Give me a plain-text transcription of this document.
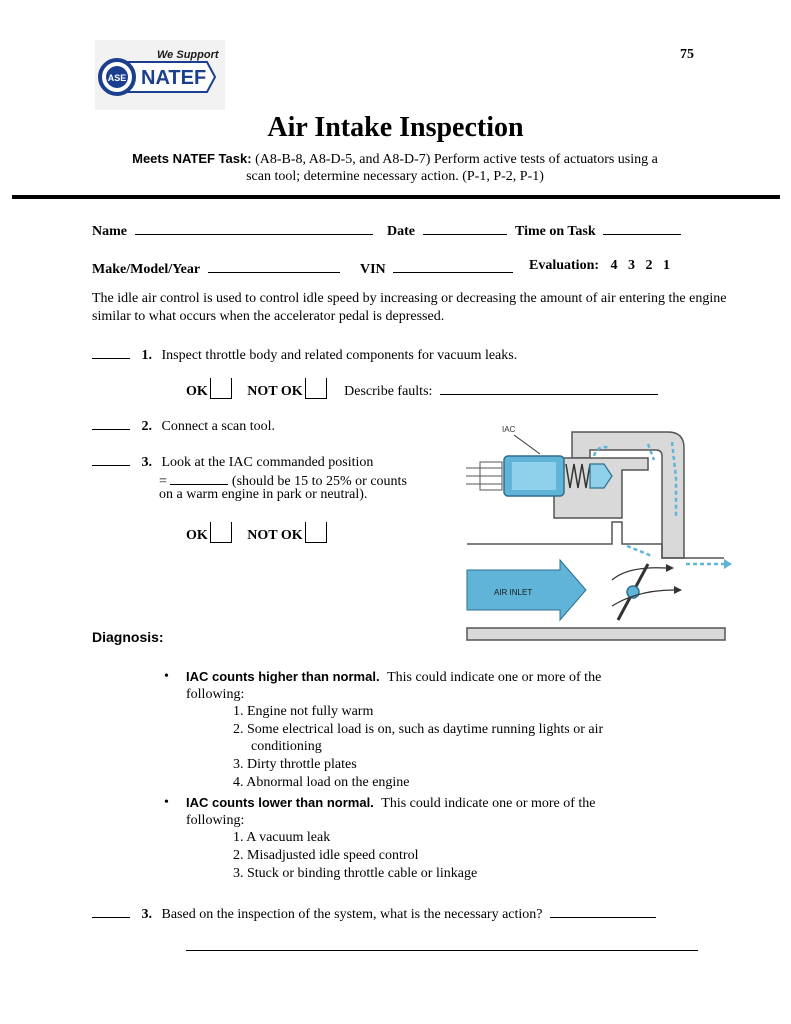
We Support
ASE NATEF
75
Air Intake Inspection
Meets NATEF Task: (A8-B-8, A8-D-5, and A8-D-7) Perform active tests of actuators using a
scan tool; determine necessary action. (P-1, P-2, P-1)
Name	Date	Time on Task
Make/Model/Year	VIN	Evaluation: 4   3   2   1
The idle air control is used to control idle speed by increasing or decreasing the amount of air entering the engine similar to what occurs when the accelerator pedal is depressed.
1. Inspect throttle body and related components for vacuum leaks.
OK	NOT OK	Describe faults:
2. Connect a scan tool.
3. Look at the IAC commanded position
=	(should be 15 to 25% or counts
on a warm engine in park or neutral).
OK	NOT OK
IAC
AIR INLET
Diagnosis:
• IAC counts higher than normal. This could indicate one or more of the
following:
1. Engine not fully warm
2. Some electrical load is on, such as daytime running lights or air
conditioning
3. Dirty throttle plates
4. Abnormal load on the engine
• IAC counts lower than normal. This could indicate one or more of the
following:
1. A vacuum leak
2. Misadjusted idle speed control
3. Stuck or binding throttle cable or linkage
3. Based on the inspection of the system, what is the necessary action?
